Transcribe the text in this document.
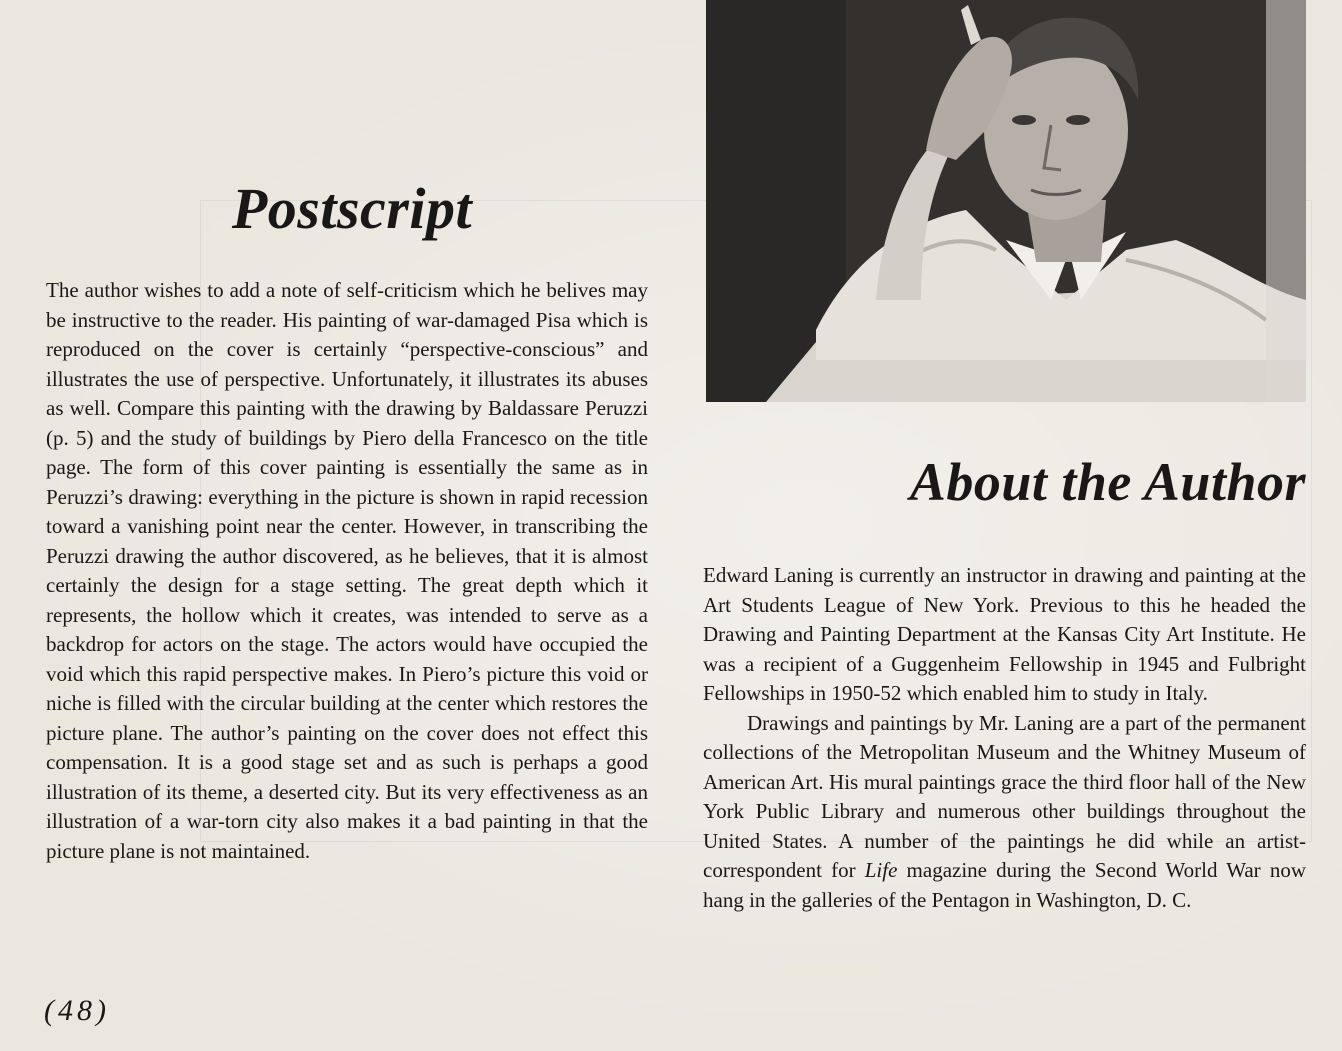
Postscript

The author wishes to add a note of self-criticism which he belives may be instructive to the reader. His painting of war-damaged Pisa which is reproduced on the cover is certainly “perspective-conscious” and illustrates the use of perspective. Unfortunately, it illustrates its abuses as well. Compare this painting with the drawing by Baldassare Peruzzi (p. 5) and the study of buildings by Piero della Francesco on the title page. The form of this cover painting is essentially the same as in Peruzzi’s drawing: everything in the picture is shown in rapid recession toward a vanishing point near the center. However, in transcribing the Peruzzi drawing the author discovered, as he believes, that it is almost certainly the design for a stage setting. The great depth which it represents, the hollow which it creates, was intended to serve as a backdrop for actors on the stage. The actors would have occupied the void which this rapid perspective makes. In Piero’s picture this void or niche is filled with the circular building at the center which restores the picture plane. The author’s painting on the cover does not effect this compensation. It is a good stage set and as such is perhaps a good illustration of its theme, a deserted city. But its very effectiveness as an illustration of a war-torn city also makes it a bad painting in that the picture plane is not maintained.

About the Author

Edward Laning is currently an instructor in drawing and painting at the Art Students League of New York. Previous to this he headed the Drawing and Painting Department at the Kansas City Art Institute. He was a recipient of a Guggenheim Fellowship in 1945 and Fulbright Fellowships in 1950-52 which enabled him to study in Italy.

Drawings and paintings by Mr. Laning are a part of the permanent collections of the Metropolitan Museum and the Whitney Museum of American Art. His mural paintings grace the third floor hall of the New York Public Library and numerous other buildings throughout the United States. A number of the paintings he did while an artist-correspondent for Life magazine during the Second World War now hang in the galleries of the Pentagon in Washington, D. C.

(48)
